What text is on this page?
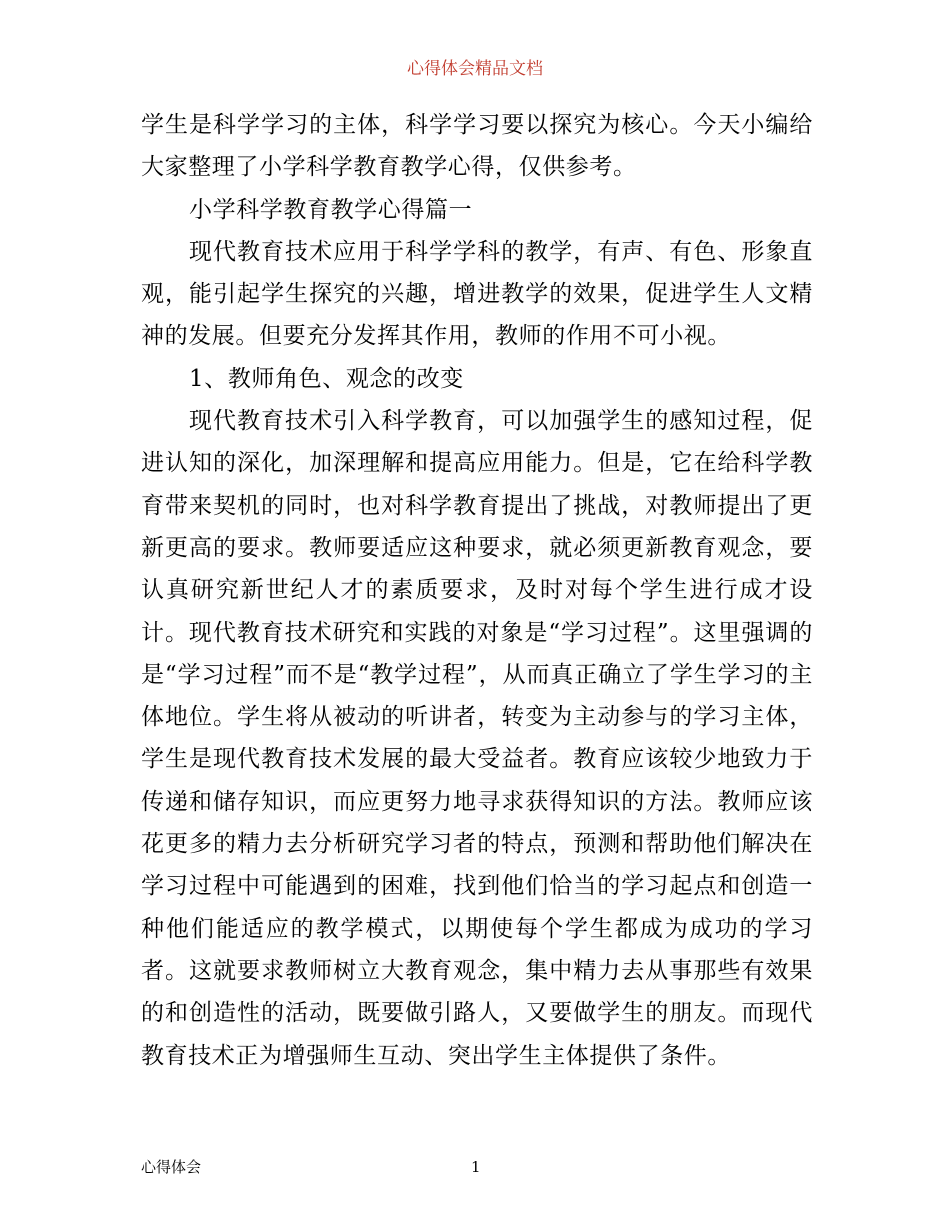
心得体会精品文档

学生是科学学习的主体，科学学习要以探究为核心。今天小编给大家整理了小学科学教育教学心得，仅供参考。

小学科学教育教学心得篇一

现代教育技术应用于科学学科的教学，有声、有色、形象直观，能引起学生探究的兴趣，增进教学的效果，促进学生人文精神的发展。但要充分发挥其作用，教师的作用不可小视。

1、教师角色、观念的改变

现代教育技术引入科学教育，可以加强学生的感知过程，促进认知的深化，加深理解和提高应用能力。但是，它在给科学教育带来契机的同时，也对科学教育提出了挑战，对教师提出了更新更高的要求。教师要适应这种要求，就必须更新教育观念，要认真研究新世纪人才的素质要求，及时对每个学生进行成才设计。现代教育技术研究和实践的对象是“学习过程”。这里强调的是“学习过程”而不是“教学过程”，从而真正确立了学生学习的主体地位。学生将从被动的听讲者，转变为主动参与的学习主体，学生是现代教育技术发展的最大受益者。教育应该较少地致力于传递和储存知识，而应更努力地寻求获得知识的方法。教师应该花更多的精力去分析研究学习者的特点，预测和帮助他们解决在学习过程中可能遇到的困难，找到他们恰当的学习起点和创造一种他们能适应的教学模式，以期使每个学生都成为成功的学习者。这就要求教师树立大教育观念，集中精力去从事那些有效果的和创造性的活动，既要做引路人，又要做学生的朋友。而现代教育技术正为增强师生互动、突出学生主体提供了条件。

心得体会	1
